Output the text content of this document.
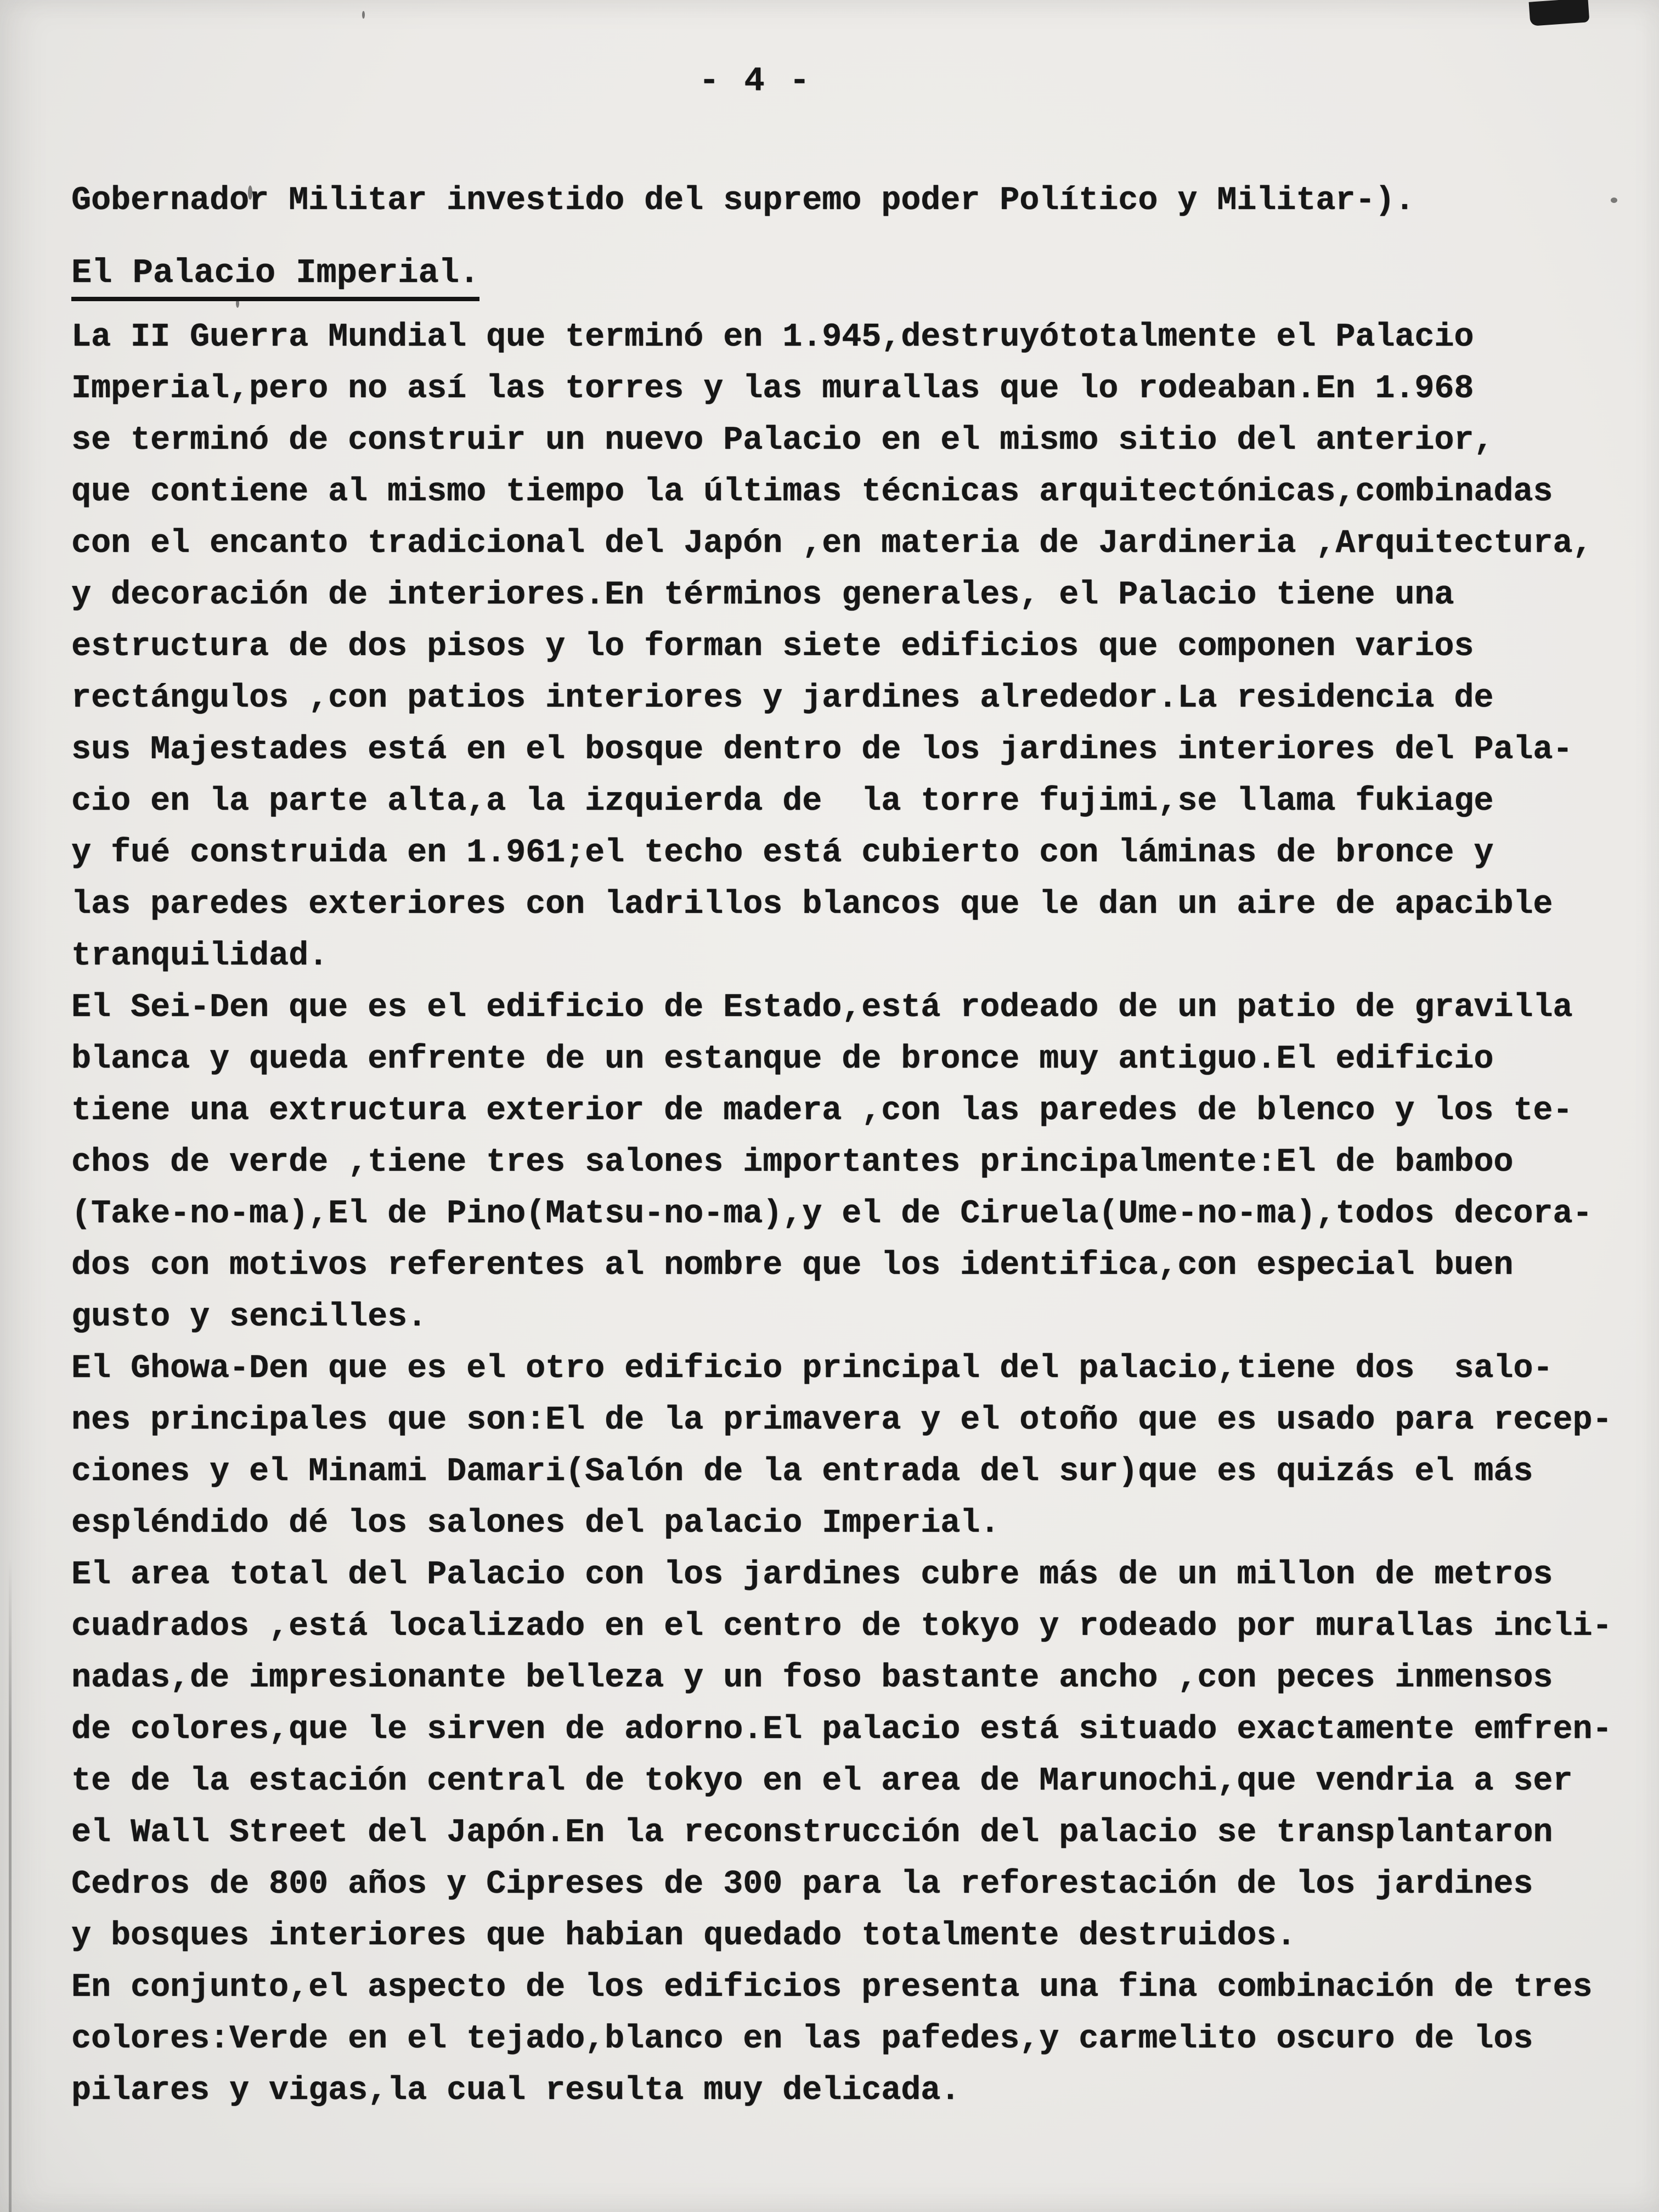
- 4 -
Gobernador Militar investido del supremo poder Político y Militar-).
El Palacio Imperial.
La II Guerra Mundial que terminó en 1.945,destruyótotalmente el Palacio
Imperial,pero no así las torres y las murallas que lo rodeaban.En 1.968
se terminó de construir un nuevo Palacio en el mismo sitio del anterior,
que contiene al mismo tiempo la últimas técnicas arquitectónicas,combinadas
con el encanto tradicional del Japón ,en materia de Jardineria ,Arquitectura,
y decoración de interiores.En términos generales, el Palacio tiene una
estructura de dos pisos y lo forman siete edificios que componen varios
rectángulos ,con patios interiores y jardines alrededor.La residencia de
sus Majestades está en el bosque dentro de los jardines interiores del Pala-
cio en la parte alta,a la izquierda de  la torre fujimi,se llama fukiage
y fué construida en 1.961;el techo está cubierto con láminas de bronce y
las paredes exteriores con ladrillos blancos que le dan un aire de apacible
tranquilidad.
El Sei-Den que es el edificio de Estado,está rodeado de un patio de gravilla
blanca y queda enfrente de un estanque de bronce muy antiguo.El edificio
tiene una extructura exterior de madera ,con las paredes de blenco y los te-
chos de verde ,tiene tres salones importantes principalmente:El de bamboo
(Take-no-ma),El de Pino(Matsu-no-ma),y el de Ciruela(Ume-no-ma),todos decora-
dos con motivos referentes al nombre que los identifica,con especial buen
gusto y sencilles.
El Ghowa-Den que es el otro edificio principal del palacio,tiene dos  salo-
nes principales que son:El de la primavera y el otoño que es usado para recep-
ciones y el Minami Damari(Salón de la entrada del sur)que es quizás el más
espléndido dé los salones del palacio Imperial.
El area total del Palacio con los jardines cubre más de un millon de metros
cuadrados ,está localizado en el centro de tokyo y rodeado por murallas incli-
nadas,de impresionante belleza y un foso bastante ancho ,con peces inmensos
de colores,que le sirven de adorno.El palacio está situado exactamente emfren-
te de la estación central de tokyo en el area de Marunochi,que vendria a ser
el Wall Street del Japón.En la reconstrucción del palacio se transplantaron
Cedros de 800 años y Cipreses de 300 para la reforestación de los jardines
y bosques interiores que habian quedado totalmente destruidos.
En conjunto,el aspecto de los edificios presenta una fina combinación de tres
colores:Verde en el tejado,blanco en las pafedes,y carmelito oscuro de los
pilares y vigas,la cual resulta muy delicada.
